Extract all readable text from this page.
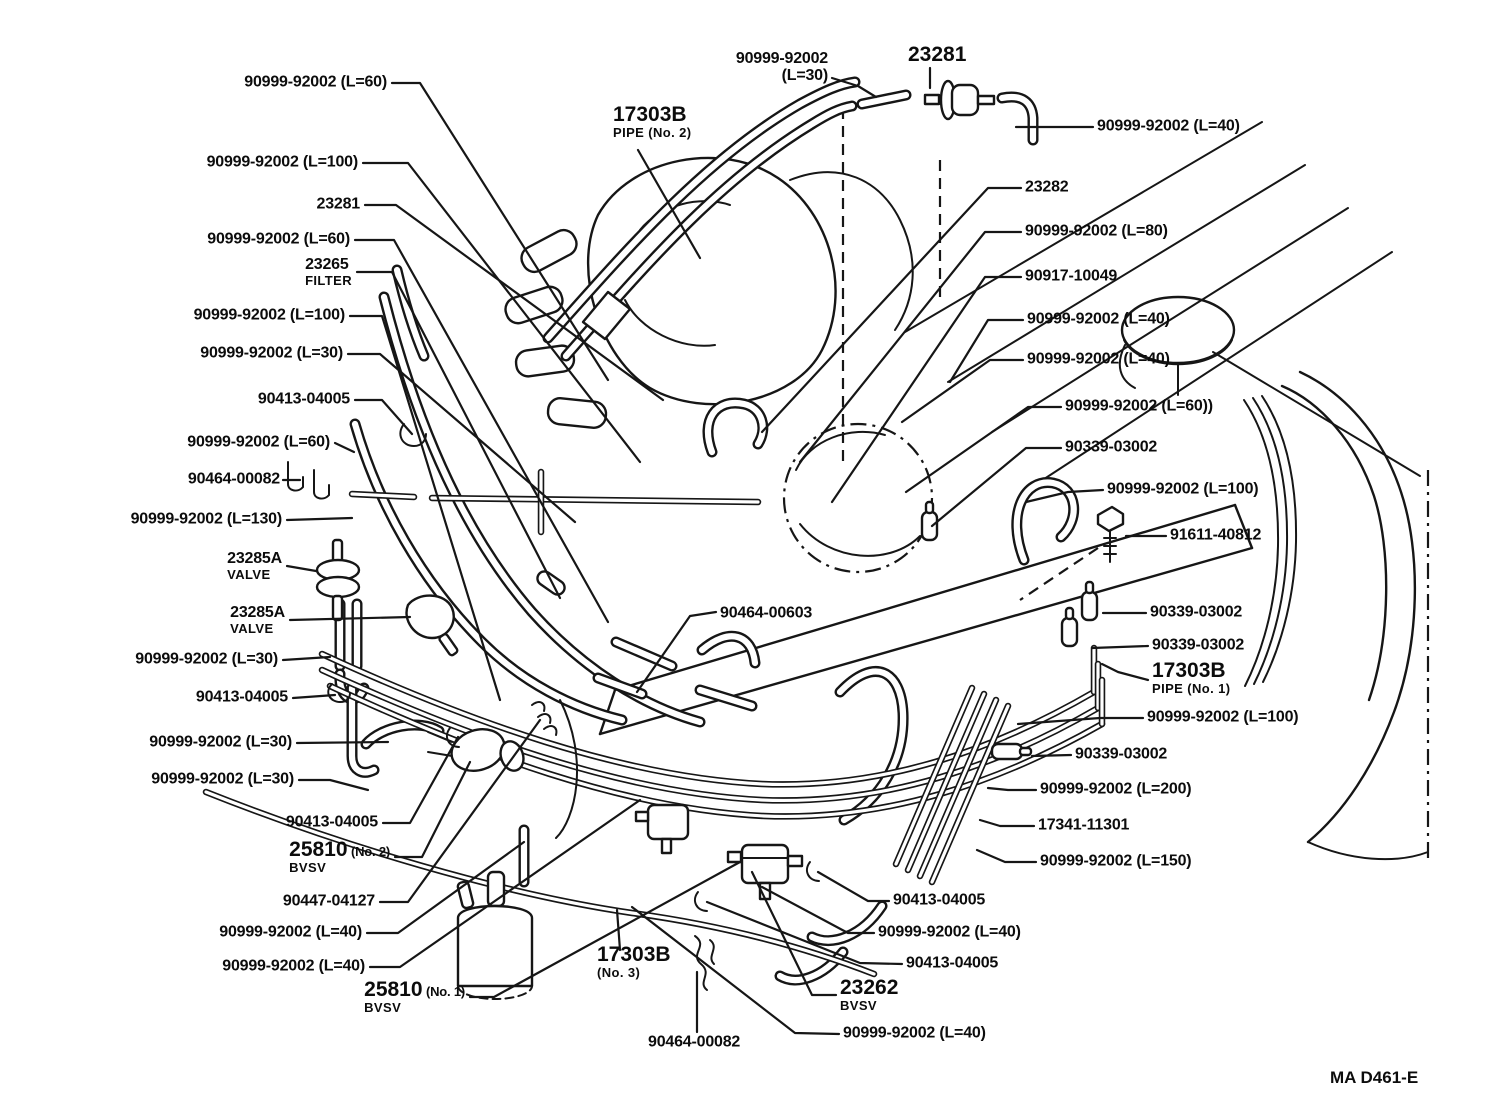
90999-92002 (L=60)
90999-92002 (L=100)
23281
90999-92002 (L=60)
23265
FILTER
90999-92002 (L=100)
90999-92002 (L=30)
90413-04005
90999-92002 (L=60)
90464-00082
90999-92002 (L=130)
23285A
VALVE
23285A
VALVE
90999-92002 (L=30)
90413-04005
90999-92002 (L=30)
90999-92002 (L=30)
90413-04005
25810 (No. 2)
BVSV
90447-04127
90999-92002 (L=40)
90999-92002 (L=40)
25810 (No. 1)
BVSV
90464-00082
17303B
PIPE (No. 2)
90999-92002
(L=30)
23281
90999-92002 (L=40)
23282
90999-92002 (L=80)
90917-10049
90999-92002 (L=40)
90999-92002 (L=40)
90999-92002 (L=60))
90339-03002
90999-92002 (L=100)
91611-40812
90339-03002
90339-03002
17303B
PIPE (No. 1)
90999-92002 (L=100)
90339-03002
90999-92002 (L=200)
17341-11301
90999-92002 (L=150)
90413-04005
90999-92002 (L=40)
90413-04005
23262
BVSV
90999-92002 (L=40)
17303B
(No. 3)
90464-00603
MA D461-E
